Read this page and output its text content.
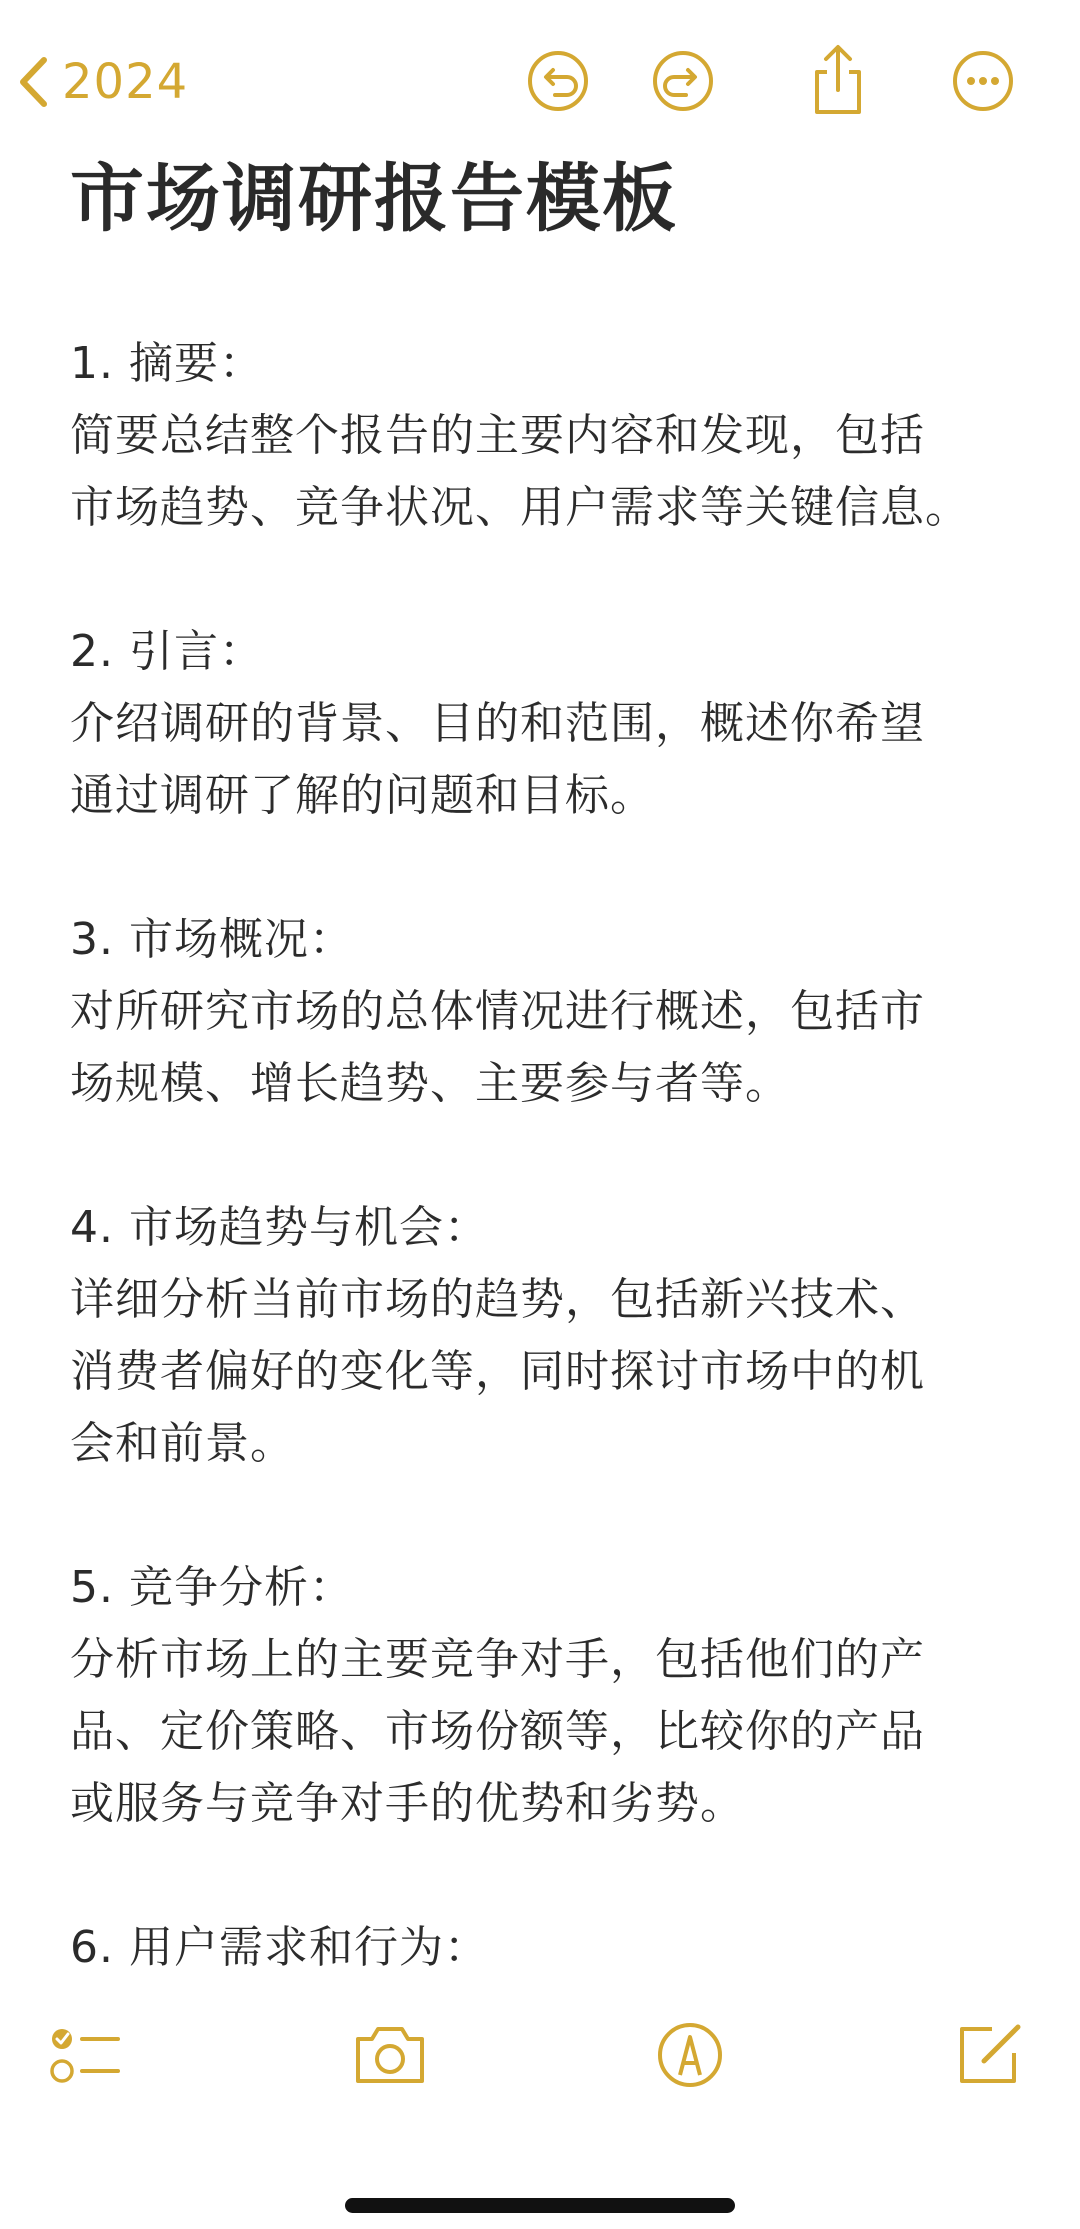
2024
市场调研报告模板

1. 摘要：

简要总结整个报告的主要内容和发现，包括
市场趋势、竞争状况、用户需求等关键信息。

2. 引言：

介绍调研的背景、目的和范围，概述你希望
通过调研了解的问题和目标。

3. 市场概况：

对所研究市场的总体情况进行概述，包括市
场规模、增长趋势、主要参与者等。

4. 市场趋势与机会：

详细分析当前市场的趋势，包括新兴技术、
消费者偏好的变化等，同时探讨市场中的机
会和前景。

5. 竞争分析：

分析市场上的主要竞争对手，包括他们的产
品、定价策略、市场份额等，比较你的产品
或服务与竞争对手的优势和劣势。

6. 用户需求和行为：
